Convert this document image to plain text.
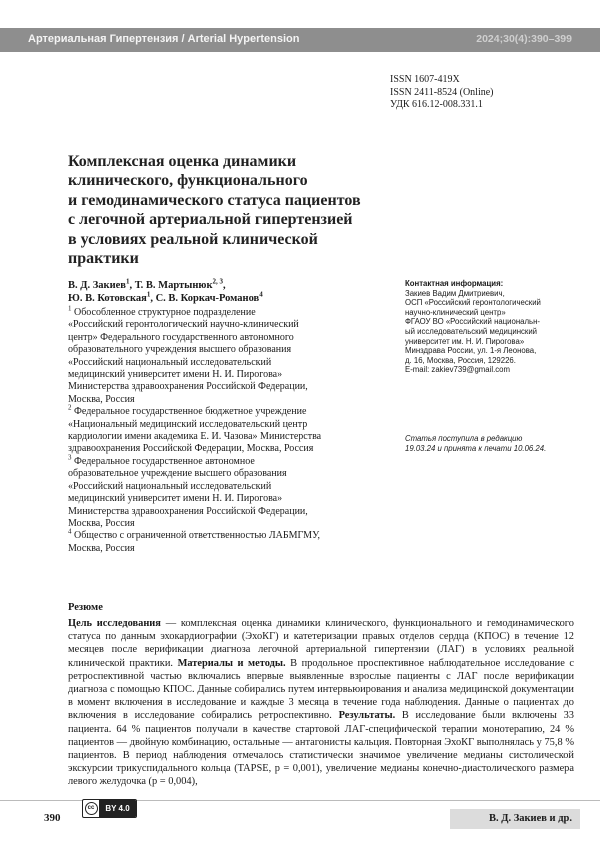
Артериальная Гипертензия / Arterial Hypertension	2024;30(4):390–399
ISSN 1607-419X
ISSN 2411-8524 (Online)
УДК 616.12-008.331.1
Комплексная оценка динамики
клинического, функционального
и гемодинамического статуса пациентов
с легочной артериальной гипертензией
в условиях реальной клинической
практики
В. Д. Закиев$^1$, Т. В. Мартынюк$^{2, 3}$,
Ю. В. Котовская$^1$, С. В. Коркач-Романов$^4$
$^1$ Обособленное структурное подразделение
«Российский геронтологический научно-клинический
центр» Федерального государственного автономного
образовательного учреждения высшего образования
«Российский национальный исследовательский
медицинский университет имени Н. И. Пирогова»
Министерства здравоохранения Российской Федерации,
Москва, Россия
$^2$ Федеральное государственное бюджетное учреждение
«Национальный медицинский исследовательский центр
кардиологии имени академика Е. И. Чазова» Министерства
здравоохранения Российской Федерации, Москва, Россия
$^3$ Федеральное государственное автономное
образовательное учреждение высшего образования
«Российский национальный исследовательский
медицинский университет имени Н. И. Пирогова»
Министерства здравоохранения Российской Федерации,
Москва, Россия
$^4$ Общество с ограниченной ответственностью ЛАБМГМУ,
Москва, Россия
Контактная информация:
Закиев Вадим Дмитриевич,
ОСП «Российский геронтологический
научно-клинический центр»
ФГАОУ ВО «Российский национальн-
ый исследовательский медицинский
университет им. Н. И. Пирогова»
Минздрава России, ул. 1-я Леонова,
д. 16, Москва, Россия, 129226.
E-mail: zakiev739@gmail.com
Статья поступила в редакцию
19.03.24 и принята к печати 10.06.24.
Резюме
Цель исследования — комплексная оценка динамики клинического, функционального и гемодинамического статуса по данным эхокардиографии (ЭхоКГ) и катетеризации правых отделов сердца (КПОС) в течение 12 месяцев после верификации диагноза легочной артериальной гипертензии (ЛАГ) в условиях реальной клинической практики. Материалы и методы. В продольное проспективное наблюдательное исследование с ретроспективной частью включались впервые выявленные взрослые пациенты с ЛАГ после верификации диагноза с помощью КПОС. Данные собирались путем интервьюирования и анализа медицинской документации в момент включения в исследование и каждые 3 месяца в течение года наблюдения. Данные о пациентах до включения в исследование собирались ретроспективно. Результаты. В исследование были включены 33 пациента. 64 % пациентов получали в качестве стартовой ЛАГ-специфической терапии монотерапию, 24 % пациентов — двойную комбинацию, остальные — антагонисты кальция. Повторная ЭхоКГ выполнялась у 75,8 % пациентов. В период наблюдения отмечалось статистически значимое увеличение медианы систолической экскурсии трикуспидального кольца (TAPSE, p = 0,001), увеличение медианы конечно-диастолического размера левого желудочка (p = 0,004),
390
cc	BY 4.0
В. Д. Закиев и др.
